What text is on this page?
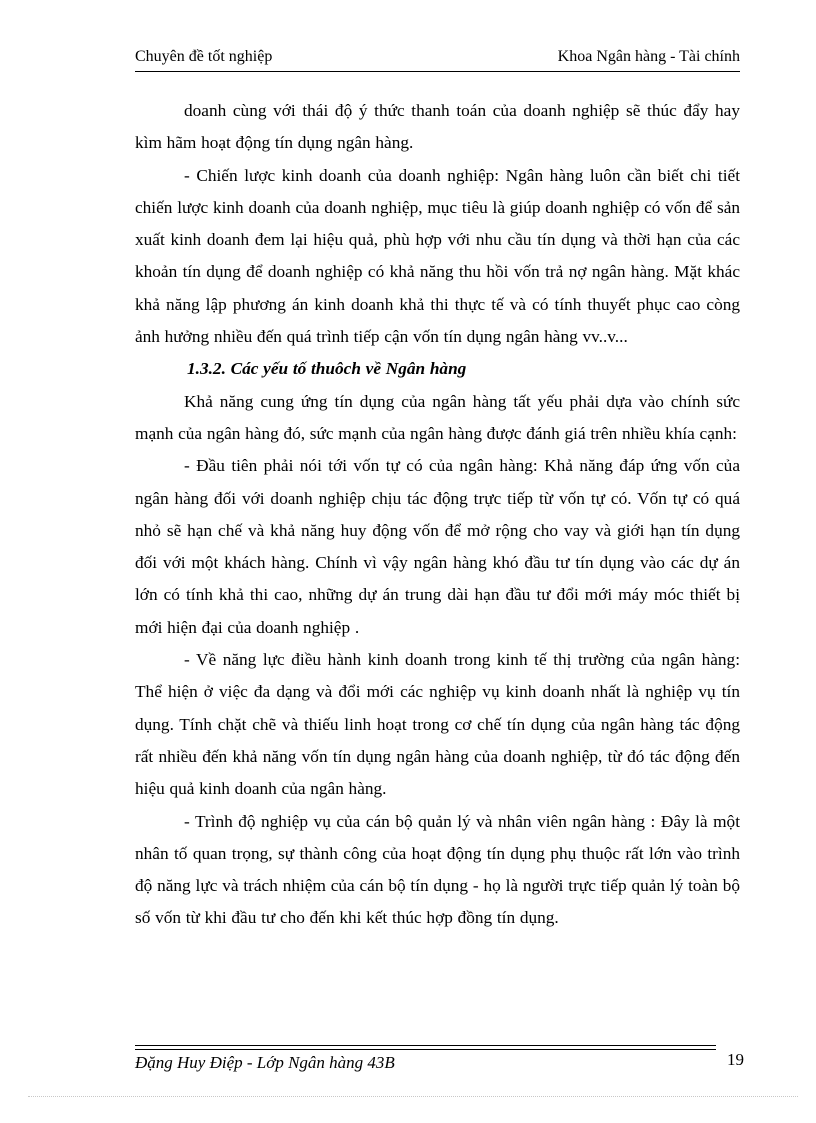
Chuyên đề tốt nghiệp	Khoa Ngân hàng - Tài chính

doanh cùng với thái độ ý thức thanh toán của doanh nghiệp sẽ thúc đẩy hay kìm hãm hoạt động tín dụng ngân hàng.

- Chiến lược kinh doanh của doanh nghiệp: Ngân hàng luôn cần biết chi tiết chiến lược kinh doanh của doanh nghiệp, mục tiêu là giúp doanh nghiệp có vốn để sản xuất kinh doanh đem lại hiệu quả, phù hợp với nhu cầu tín dụng và thời hạn của các khoản tín dụng để doanh nghiệp có khả năng thu hồi vốn trả nợ ngân hàng. Mặt khác khả năng lập phương án kinh doanh khả thi thực tế và có tính thuyết phục cao còng ảnh hưởng nhiều đến quá trình tiếp cận vốn tín dụng ngân hàng vv..v...

1.3.2. Các yếu tố thuôch về Ngân hàng

Khả năng cung ứng tín dụng của ngân hàng tất yếu phải dựa vào chính sức mạnh của ngân hàng đó, sức mạnh của ngân hàng được đánh giá trên nhiều khía cạnh:

- Đầu tiên phải nói tới vốn tự có của ngân hàng: Khả năng đáp ứng vốn của ngân hàng đối với doanh nghiệp chịu tác động trực tiếp từ vốn tự có. Vốn tự có quá nhỏ sẽ hạn chế và khả năng huy động vốn để mở rộng cho vay và giới hạn tín dụng đối với một khách hàng. Chính vì vậy ngân hàng khó đầu tư tín dụng vào các dự án lớn có tính khả thi cao, những dự án trung dài hạn đầu tư đổi mới máy móc thiết bị mới hiện đại của doanh nghiệp .

- Về năng lực điều hành kinh doanh trong kinh tế thị trường của ngân hàng: Thể hiện ở việc đa dạng và đổi mới các nghiệp vụ kinh doanh nhất là nghiệp vụ tín dụng. Tính chặt chẽ và thiếu linh hoạt trong cơ chế tín dụng của ngân hàng tác động rất nhiều đến khả năng vốn tín dụng ngân hàng của doanh nghiệp, từ đó tác động đến hiệu quả kinh doanh của ngân hàng.

- Trình độ nghiệp vụ của cán bộ quản lý và nhân viên ngân hàng : Đây là một nhân tố quan trọng, sự thành công của hoạt động tín dụng phụ thuộc rất lớn vào trình độ năng lực và trách nhiệm của cán bộ tín dụng - họ là người trực tiếp quản lý toàn bộ số vốn từ khi đầu tư cho đến khi kết thúc hợp đồng tín dụng.

Đặng Huy Điệp - Lớp Ngân hàng 43B	19
